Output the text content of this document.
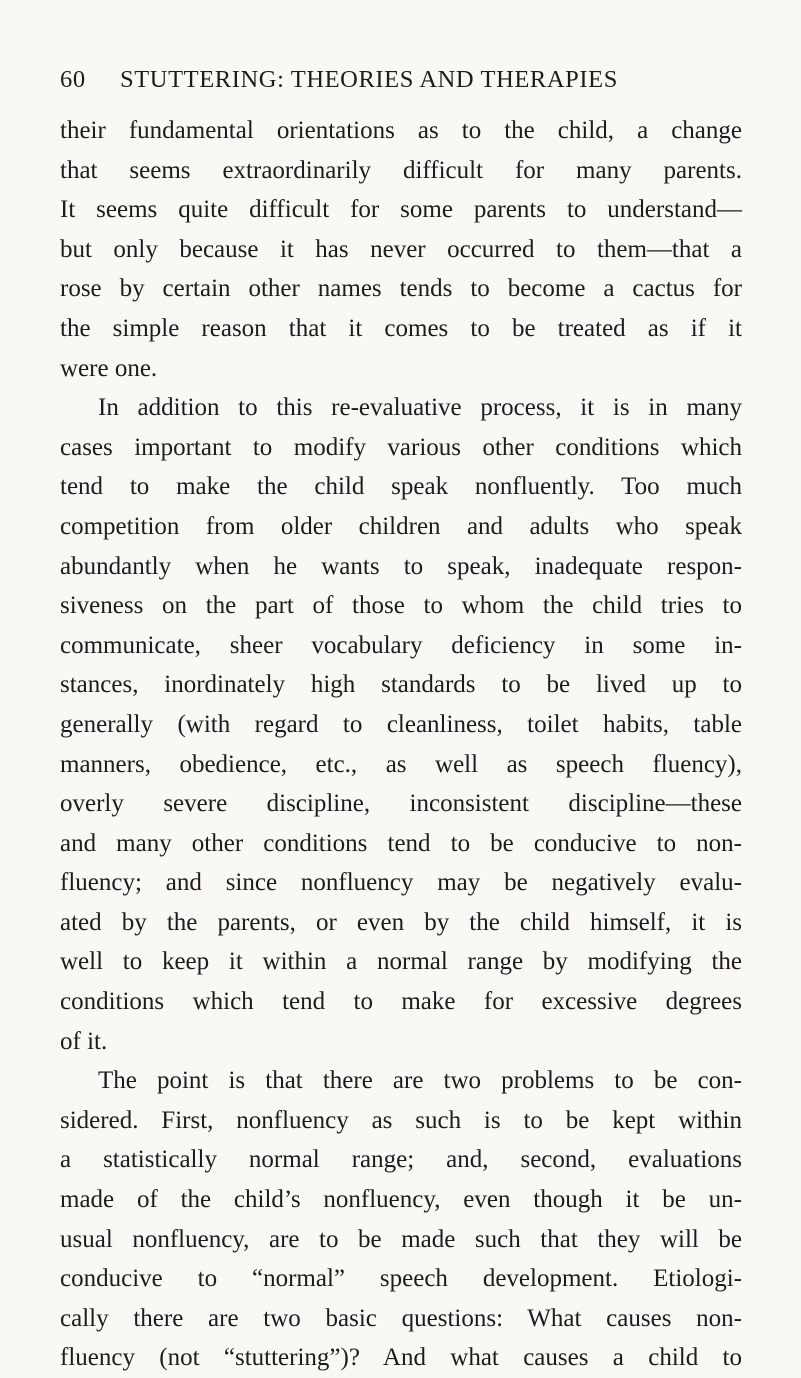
60 STUTTERING: THEORIES AND THERAPIES
their fundamental orientations as to the child, a change
that seems extraordinarily difficult for many parents.
It seems quite difficult for some parents to understand—
but only because it has never occurred to them—that a
rose by certain other names tends to become a cactus for
the simple reason that it comes to be treated as if it
were one.
In addition to this re-evaluative process, it is in many
cases important to modify various other conditions which
tend to make the child speak nonfluently. Too much
competition from older children and adults who speak
abundantly when he wants to speak, inadequate respon-
siveness on the part of those to whom the child tries to
communicate, sheer vocabulary deficiency in some in-
stances, inordinately high standards to be lived up to
generally (with regard to cleanliness, toilet habits, table
manners, obedience, etc., as well as speech fluency),
overly severe discipline, inconsistent discipline—these
and many other conditions tend to be conducive to non-
fluency; and since nonfluency may be negatively evalu-
ated by the parents, or even by the child himself, it is
well to keep it within a normal range by modifying the
conditions which tend to make for excessive degrees
of it.
The point is that there are two problems to be con-
sidered. First, nonfluency as such is to be kept within
a statistically normal range; and, second, evaluations
made of the child’s nonfluency, even though it be un-
usual nonfluency, are to be made such that they will be
conducive to “normal” speech development. Etiologi-
cally there are two basic questions: What causes non-
fluency (not “stuttering”)? And what causes a child to
